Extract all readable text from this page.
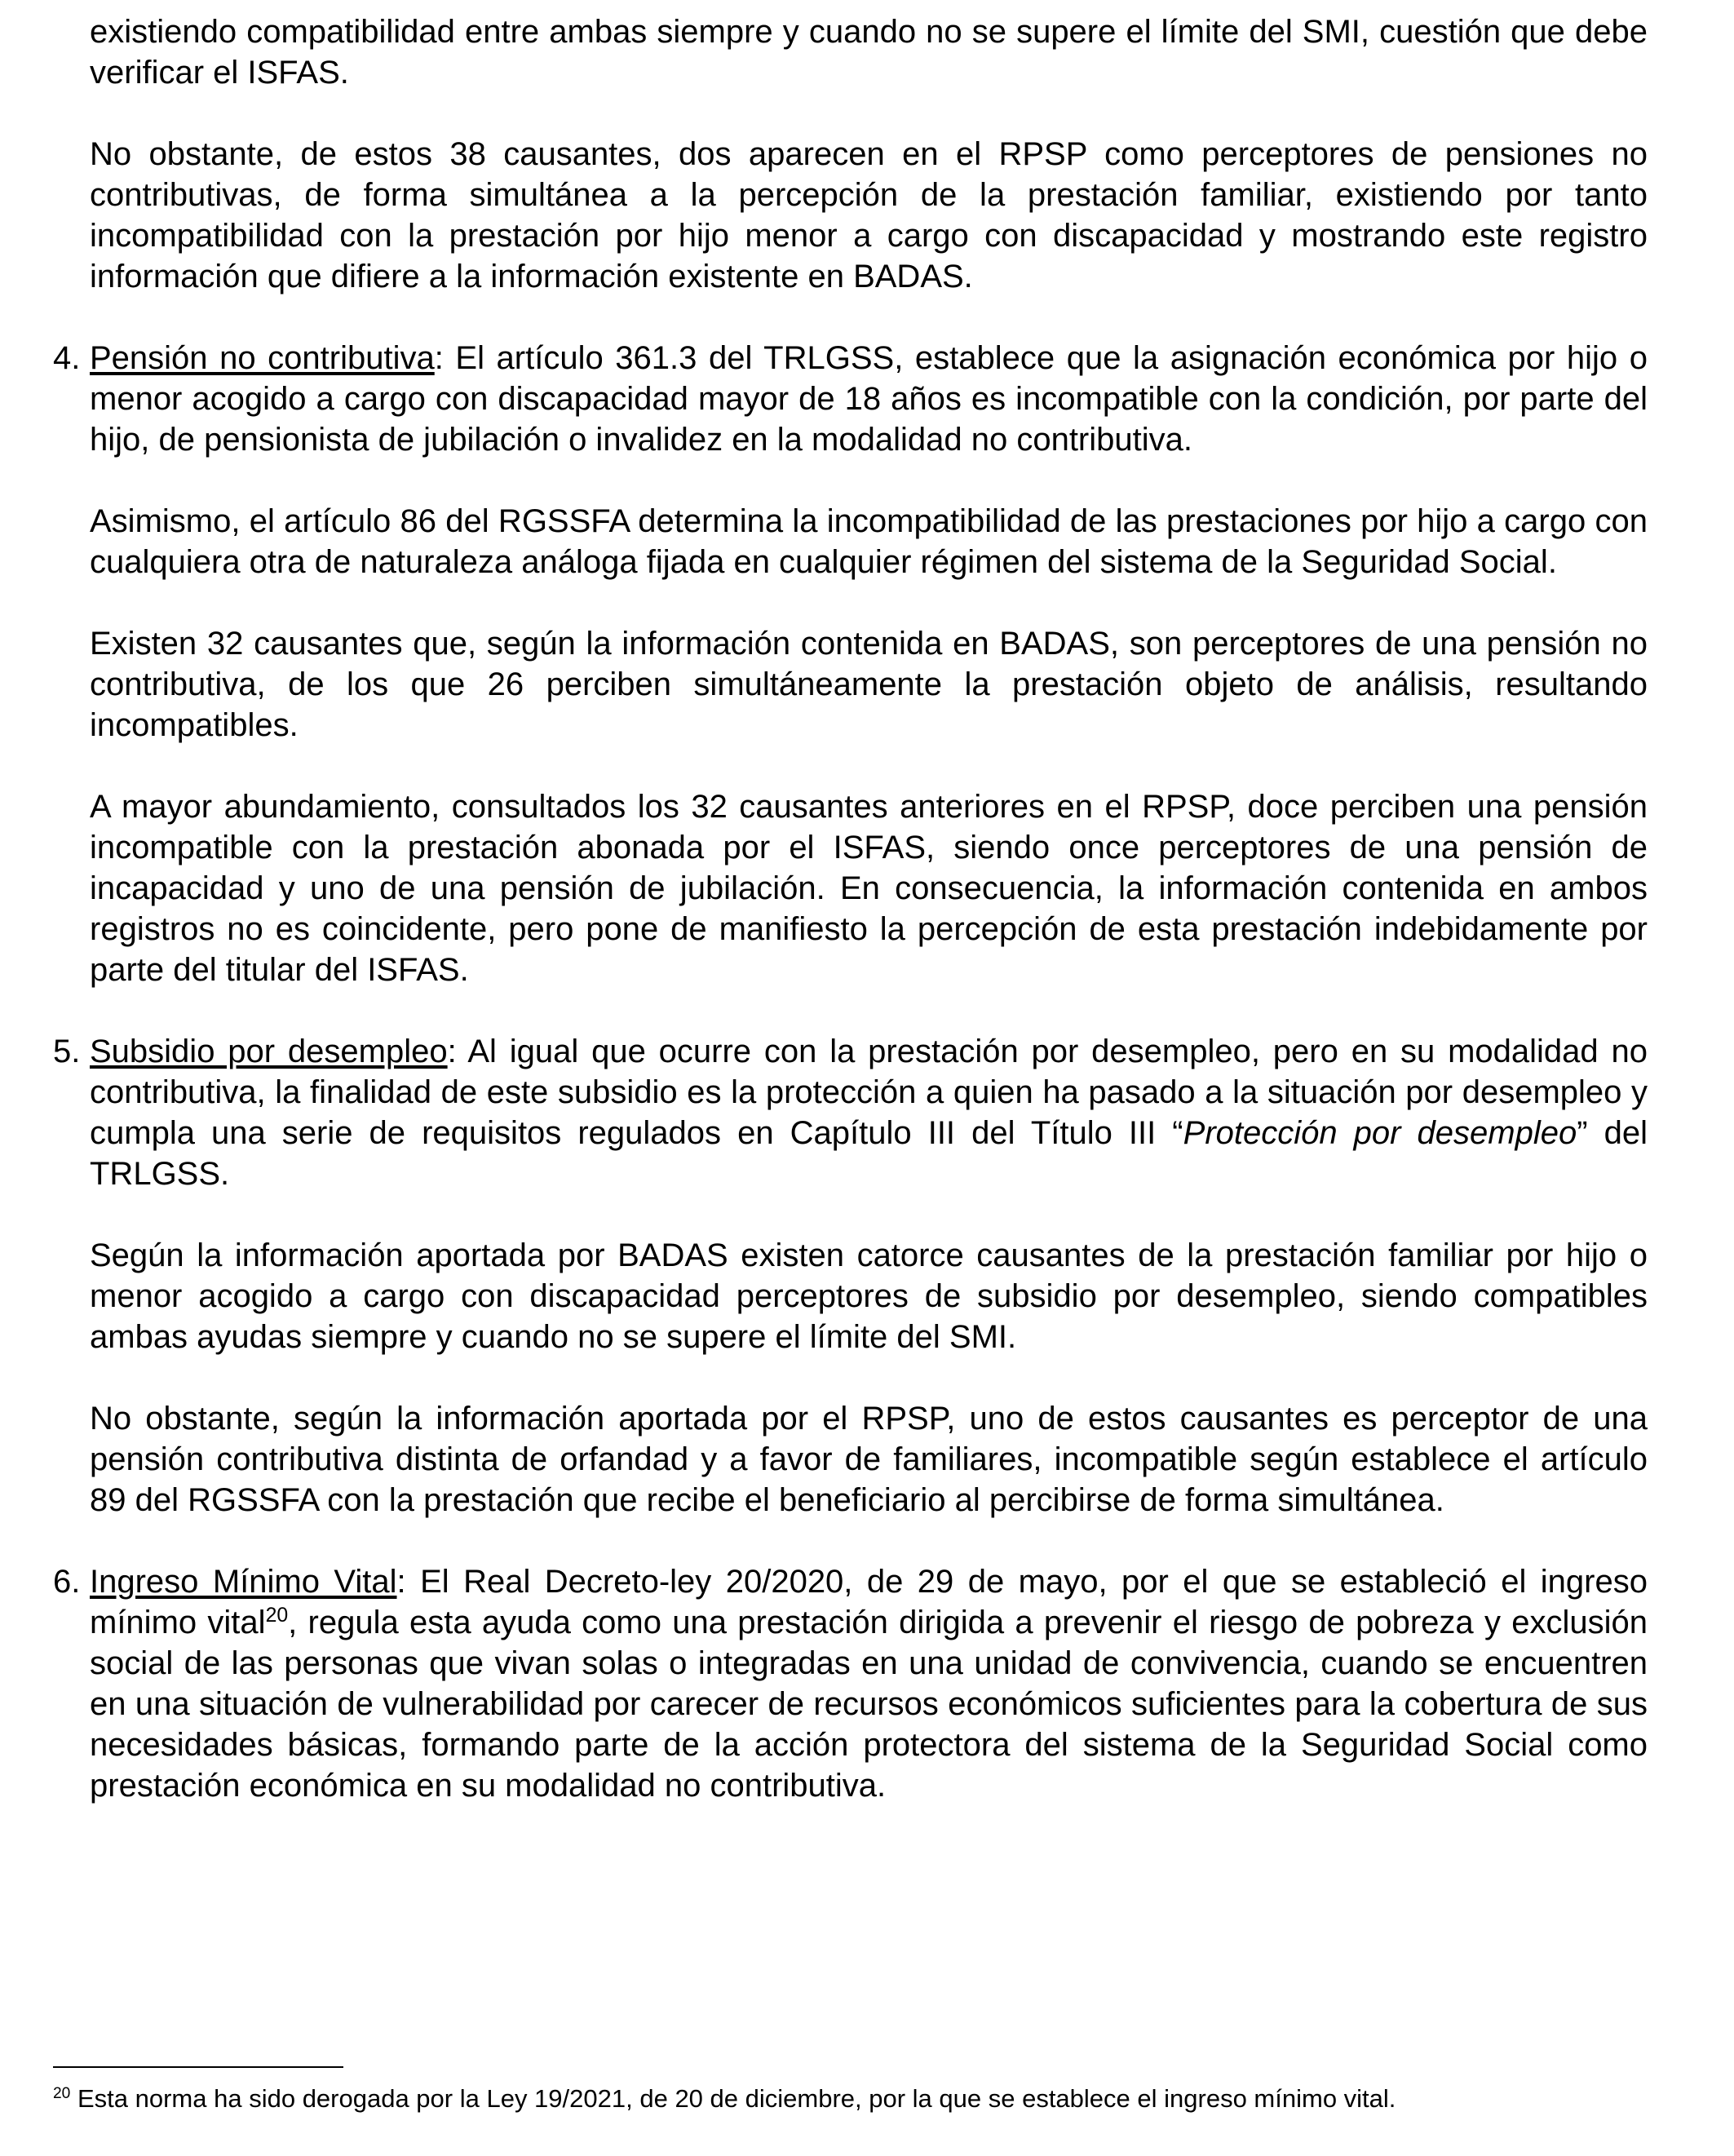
existiendo compatibilidad entre ambas siempre y cuando no se supere el límite del SMI, cuestión que debe verificar el ISFAS.

No obstante, de estos 38 causantes, dos aparecen en el RPSP como perceptores de pensiones no contributivas, de forma simultánea a la percepción de la prestación familiar, existiendo por tanto incompatibilidad con la prestación por hijo menor a cargo con discapacidad y mostrando este registro información que difiere a la información existente en BADAS.

4. Pensión no contributiva: El artículo 361.3 del TRLGSS, establece que la asignación económica por hijo o menor acogido a cargo con discapacidad mayor de 18 años es incompatible con la condición, por parte del hijo, de pensionista de jubilación o invalidez en la modalidad no contributiva.

Asimismo, el artículo 86 del RGSSFA determina la incompatibilidad de las prestaciones por hijo a cargo con cualquiera otra de naturaleza análoga fijada en cualquier régimen del sistema de la Seguridad Social.

Existen 32 causantes que, según la información contenida en BADAS, son perceptores de una pensión no contributiva, de los que 26 perciben simultáneamente la prestación objeto de análisis, resultando incompatibles.

A mayor abundamiento, consultados los 32 causantes anteriores en el RPSP, doce perciben una pensión incompatible con la prestación abonada por el ISFAS, siendo once perceptores de una pensión de incapacidad y uno de una pensión de jubilación. En consecuencia, la información contenida en ambos registros no es coincidente, pero pone de manifiesto la percepción de esta prestación indebidamente por parte del titular del ISFAS.

5. Subsidio por desempleo: Al igual que ocurre con la prestación por desempleo, pero en su modalidad no contributiva, la finalidad de este subsidio es la protección a quien ha pasado a la situación por desempleo y cumpla una serie de requisitos regulados en Capítulo III del Título III “Protección por desempleo” del TRLGSS.

Según la información aportada por BADAS existen catorce causantes de la prestación familiar por hijo o menor acogido a cargo con discapacidad perceptores de subsidio por desempleo, siendo compatibles ambas ayudas siempre y cuando no se supere el límite del SMI.

No obstante, según la información aportada por el RPSP, uno de estos causantes es perceptor de una pensión contributiva distinta de orfandad y a favor de familiares, incompatible según establece el artículo 89 del RGSSFA con la prestación que recibe el beneficiario al percibirse de forma simultánea.

6. Ingreso Mínimo Vital: El Real Decreto-ley 20/2020, de 29 de mayo, por el que se estableció el ingreso mínimo vital$^{20}$, regula esta ayuda como una prestación dirigida a prevenir el riesgo de pobreza y exclusión social de las personas que vivan solas o integradas en una unidad de convivencia, cuando se encuentren en una situación de vulnerabilidad por carecer de recursos económicos suficientes para la cobertura de sus necesidades básicas, formando parte de la acción protectora del sistema de la Seguridad Social como prestación económica en su modalidad no contributiva.

$^{20}$ Esta norma ha sido derogada por la Ley 19/2021, de 20 de diciembre, por la que se establece el ingreso mínimo vital.
